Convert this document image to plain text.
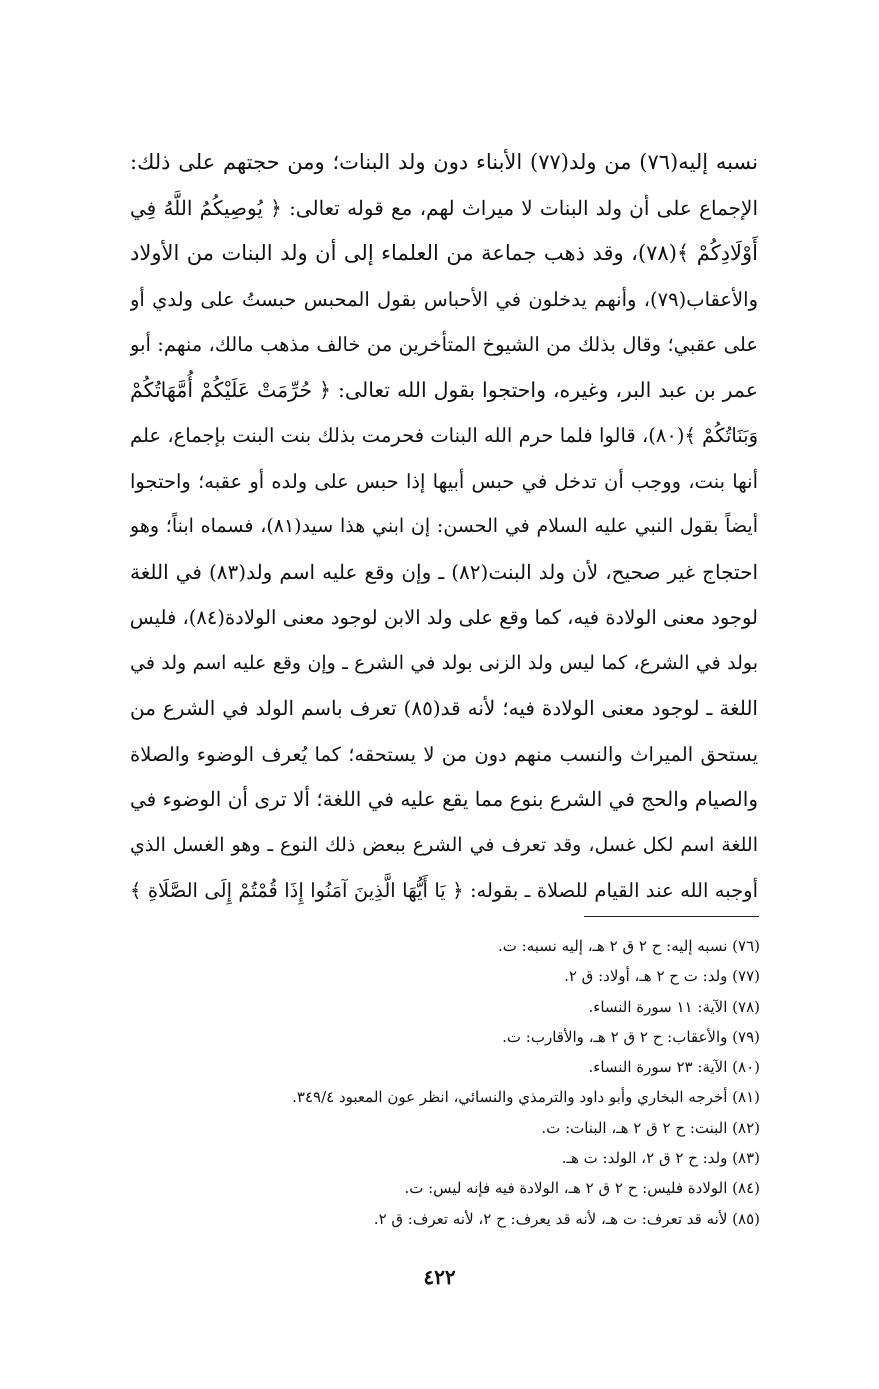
نسبه إليه(٧٦) من ولد(٧٧) الأبناء دون ولد البنات؛ ومن حجتهم على ذلك:
الإجماع على أن ولد البنات لا ميراث لهم، مع قوله تعالى: ﴿ يُوصِيكُمُ اللَّهُ فِي
أَوْلَادِكُمْ ﴾(٧٨)، وقد ذهب جماعة من العلماء إلى أن ولد البنات من الأولاد
والأعقاب(٧٩)، وأنهم يدخلون في الأحباس بقول المحبس حبستُ على ولدي أو
على عقبي؛ وقال بذلك من الشيوخ المتأخرين من خالف مذهب مالك، منهم: أبو
عمر بن عبد البر، وغيره، واحتجوا بقول الله تعالى: ﴿ حُرِّمَتْ عَلَيْكُمْ أُمَّهَاتُكُمْ
وَبَنَاتُكُمْ ﴾(٨٠)، قالوا فلما حرم الله البنات فحرمت بذلك بنت البنت بإجماع، علم
أنها بنت، ووجب أن تدخل في حبس أبيها إذا حبس على ولده أو عقبه؛ واحتجوا
أيضاً بقول النبي عليه السلام في الحسن: إن ابني هذا سيد(٨١)، فسماه ابناً؛ وهو
احتجاج غير صحيح، لأن ولد البنت(٨٢) ـ وإن وقع عليه اسم ولد(٨٣) في اللغة
لوجود معنى الولادة فيه، كما وقع على ولد الابن لوجود معنى الولادة(٨٤)، فليس
بولد في الشرع، كما ليس ولد الزنى بولد في الشرع ـ وإن وقع عليه اسم ولد في
اللغة ـ لوجود معنى الولادة فيه؛ لأنه قد(٨٥) تعرف باسم الولد في الشرع من
يستحق الميراث والنسب منهم دون من لا يستحقه؛ كما يُعرف الوضوء والصلاة
والصيام والحج في الشرع بنوع مما يقع عليه في اللغة؛ ألا ترى أن الوضوء في
اللغة اسم لكل غسل، وقد تعرف في الشرع ببعض ذلك النوع ـ وهو الغسل الذي
أوجبه الله عند القيام للصلاة ـ بقوله: ﴿ يَا أَيُّهَا الَّذِينَ آمَنُوا إِذَا قُمْتُمْ إِلَى الصَّلَاةِ ﴾
(٧٦) نسبه إليه: ح ٢ ق ٢ هـ، إليه نسبه: ت.
(٧٧) ولد: ت ح ٢ هـ، أولاد: ق ٢.
(٧٨) الآية: ١١ سورة النساء.
(٧٩) والأعقاب: ح ٢ ق ٢ هـ، والأقارب: ت.
(٨٠) الآية: ٢٣ سورة النساء.
(٨١) أخرجه البخاري وأبو داود والترمذي والنسائي، انظر عون المعبود ٣٤٩/٤.
(٨٢) البنت: ح ٢ ق ٢ هـ، البنات: ت.
(٨٣) ولد: ح ٢ ق ٢، الولد: ت هـ.
(٨٤) الولادة فليس: ح ٢ ق ٢ هـ، الولادة فيه فإنه ليس: ت.
(٨٥) لأنه قد تعرف: ت هـ، لأنه قد يعرف: ح ٢، لأنه تعرف: ق ٢.
٤٢٢
